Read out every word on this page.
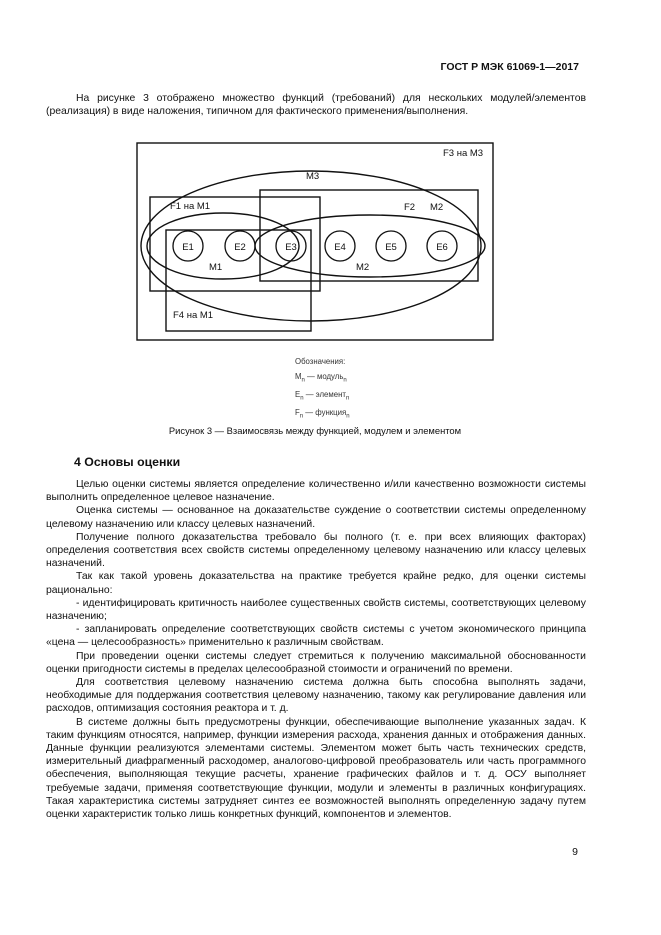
ГОСТ Р МЭК 61069-1—2017

На рисунке 3 отображено множество функций (требований) для нескольких модулей/элементов (реализация) в виде наложения, типичном для фактического применения/выполнения.

F3 на M3
M3
F1 на M1	F2 M2
M1	M2
F4 на M1
E1	E2	E3	E4	E5	E6
Обозначения:
$M_n$ — модуль$_n$
$E_n$ — элемент$_n$
$F_n$ — функция$_n$
Рисунок 3 — Взаимосвязь между функцией, модулем и элементом
4 Основы оценки

Целью оценки системы является определение количественно и/или качественно возможности системы выполнить определенное целевое назначение.

Оценка системы — основанное на доказательстве суждение о соответствии системы определенному целевому назначению или классу целевых назначений.

Получение полного доказательства требовало бы полного (т. е. при всех влияющих факторах) определения соответствия всех свойств системы определенному целевому назначению или классу целевых назначений.

Так как такой уровень доказательства на практике требуется крайне редко, для оценки системы рационально:

- идентифицировать критичность наиболее существенных свойств системы, соответствующих целевому назначению;

- запланировать определение соответствующих свойств системы с учетом экономического принципа «цена — целесообразность» применительно к различным свойствам.

При проведении оценки системы следует стремиться к получению максимальной обоснованности оценки пригодности системы в пределах целесообразной стоимости и ограничений по времени.

Для соответствия целевому назначению система должна быть способна выполнять задачи, необходимые для поддержания соответствия целевому назначению, такому как регулирование давления или расходов, оптимизация состояния реактора и т. д.

В системе должны быть предусмотрены функции, обеспечивающие выполнение указанных задач. К таким функциям относятся, например, функции измерения расхода, хранения данных и отображения данных. Данные функции реализуются элементами системы. Элементом может быть часть технических средств, измерительный диафрагменный расходомер, аналогово-цифровой преобразователь или часть программного обеспечения, выполняющая текущие расчеты, хранение графических файлов и т. д. ОСУ выполняет требуемые задачи, применяя соответствующие функции, модули и элементы в различных конфигурациях. Такая характеристика системы затрудняет синтез ее возможностей выполнять определенную задачу путем оценки характеристик только лишь конкретных функций, компонентов и элементов.

9
